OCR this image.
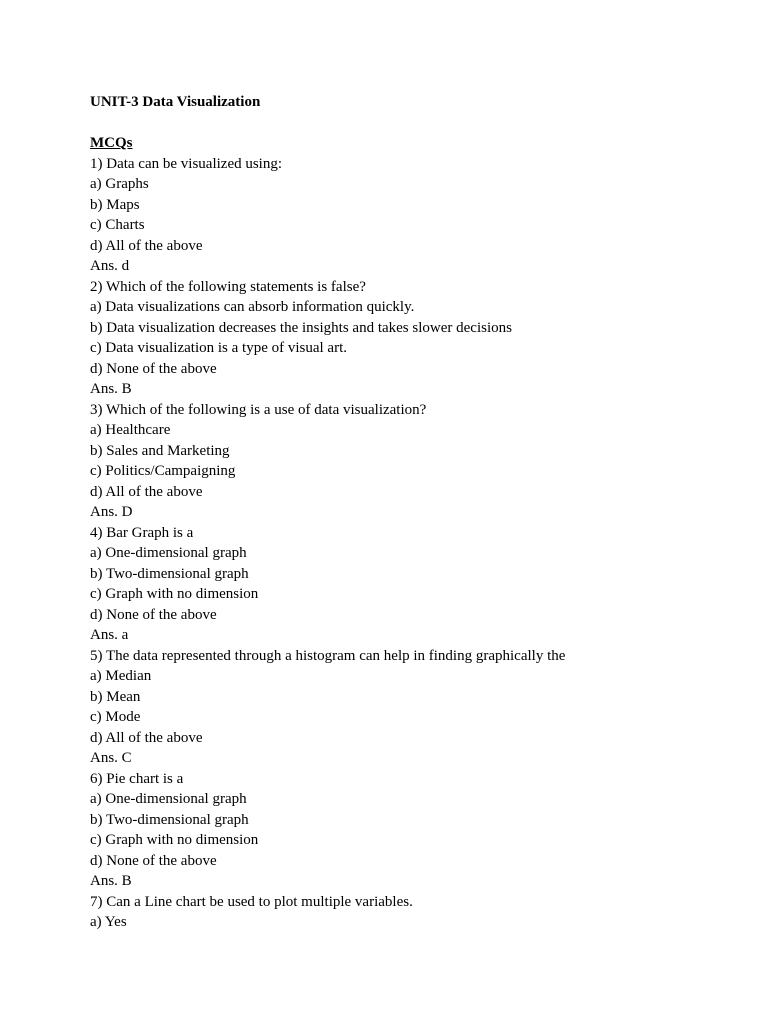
UNIT-3 Data Visualization
MCQs
1) Data can be visualized using:
a) Graphs
b) Maps
c) Charts
d) All of the above
Ans. d
2) Which of the following statements is false?
a) Data visualizations can absorb information quickly.
b) Data visualization decreases the insights and takes slower decisions
c) Data visualization is a type of visual art.
d) None of the above
Ans. B
3) Which of the following is a use of data visualization?
a) Healthcare
b) Sales and Marketing
c) Politics/Campaigning
d) All of the above
Ans. D
4) Bar Graph is a
a) One-dimensional graph
b) Two-dimensional graph
c) Graph with no dimension
d) None of the above
Ans. a
5) The data represented through a histogram can help in finding graphically the
a) Median
b) Mean
c) Mode
d) All of the above
Ans. C
6) Pie chart is a
a) One-dimensional graph
b) Two-dimensional graph
c) Graph with no dimension
d) None of the above
Ans. B
7) Can a Line chart be used to plot multiple variables.
a) Yes
